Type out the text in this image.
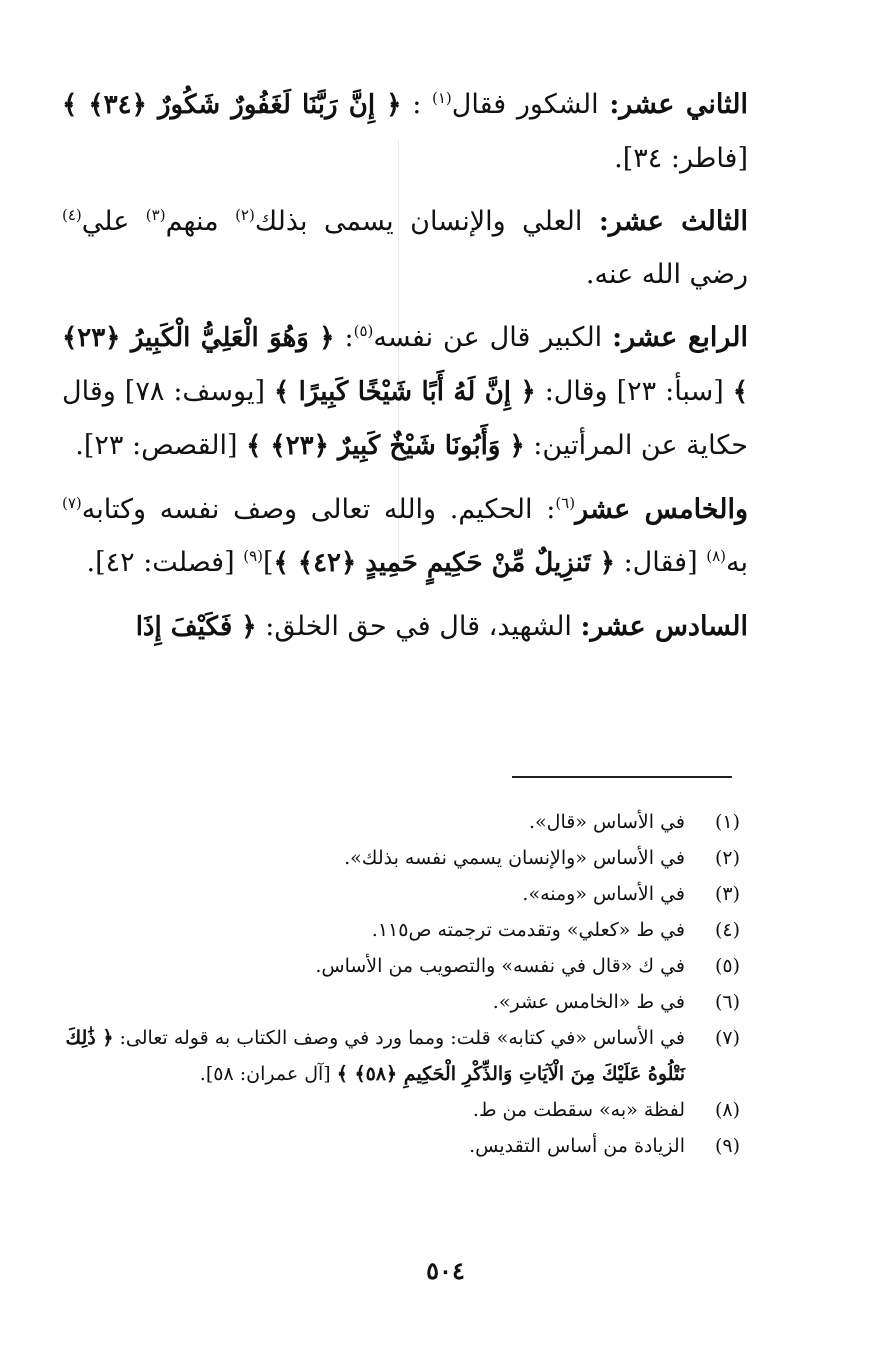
الثاني عشر: الشكور فقال$^{(١)}$ : ﴿ إِنَّ رَبَّنَا لَغَفُورٌ شَكُورٌ ﴿٣٤﴾ ﴾ [فاطر: ٣٤].

الثالث عشر: العلي والإنسان يسمى بذلك$^{(٢)}$ منهم$^{(٣)}$ علي$^{(٤)}$ رضي الله عنه.

الرابع عشر: الكبير قال عن نفسه$^{(٥)}$: ﴿ وَهُوَ الْعَلِيُّ الْكَبِيرُ ﴿٢٣﴾ ﴾ [سبأ: ٢٣] وقال: ﴿ إِنَّ لَهُ أَبًا شَيْخًا كَبِيرًا ﴾ [يوسف: ٧٨] وقال حكاية عن المرأتين: ﴿ وَأَبُونَا شَيْخٌ كَبِيرٌ ﴿٢٣﴾ ﴾ [القصص: ٢٣].

والخامس عشر$^{(٦)}$: الحكيم. والله تعالى وصف نفسه وكتابه$^{(٧)}$ به$^{(٨)}$ [فقال: ﴿ تَنزِيلٌ مِّنْ حَكِيمٍ حَمِيدٍ ﴿٤٢﴾ ﴾]$^{(٩)}$ [فصلت: ٤٢].

السادس عشر: الشهيد، قال في حق الخلق: ﴿ فَكَيْفَ إِذَا

(١)
في الأساس «قال».
(٢)
في الأساس «والإنسان يسمي نفسه بذلك».
(٣)
في الأساس «ومنه».
(٤)
في ط «كعلي» وتقدمت ترجمته ص١١٥.
(٥)
في ك «قال في نفسه» والتصويب من الأساس.
(٦)
في ط «الخامس عشر».
(٧)
في الأساس «في كتابه» قلت: ومما ورد في وصف الكتاب به قوله تعالى: ﴿ ذَٰلِكَ نَتْلُوهُ عَلَيْكَ مِنَ الْآيَاتِ وَالذِّكْرِ الْحَكِيمِ ﴿٥٨﴾ ﴾ [آل عمران: ٥٨].
(٨)
لفظة «به» سقطت من ط.
(٩)
الزيادة من أساس التقديس.
٥٠٤
